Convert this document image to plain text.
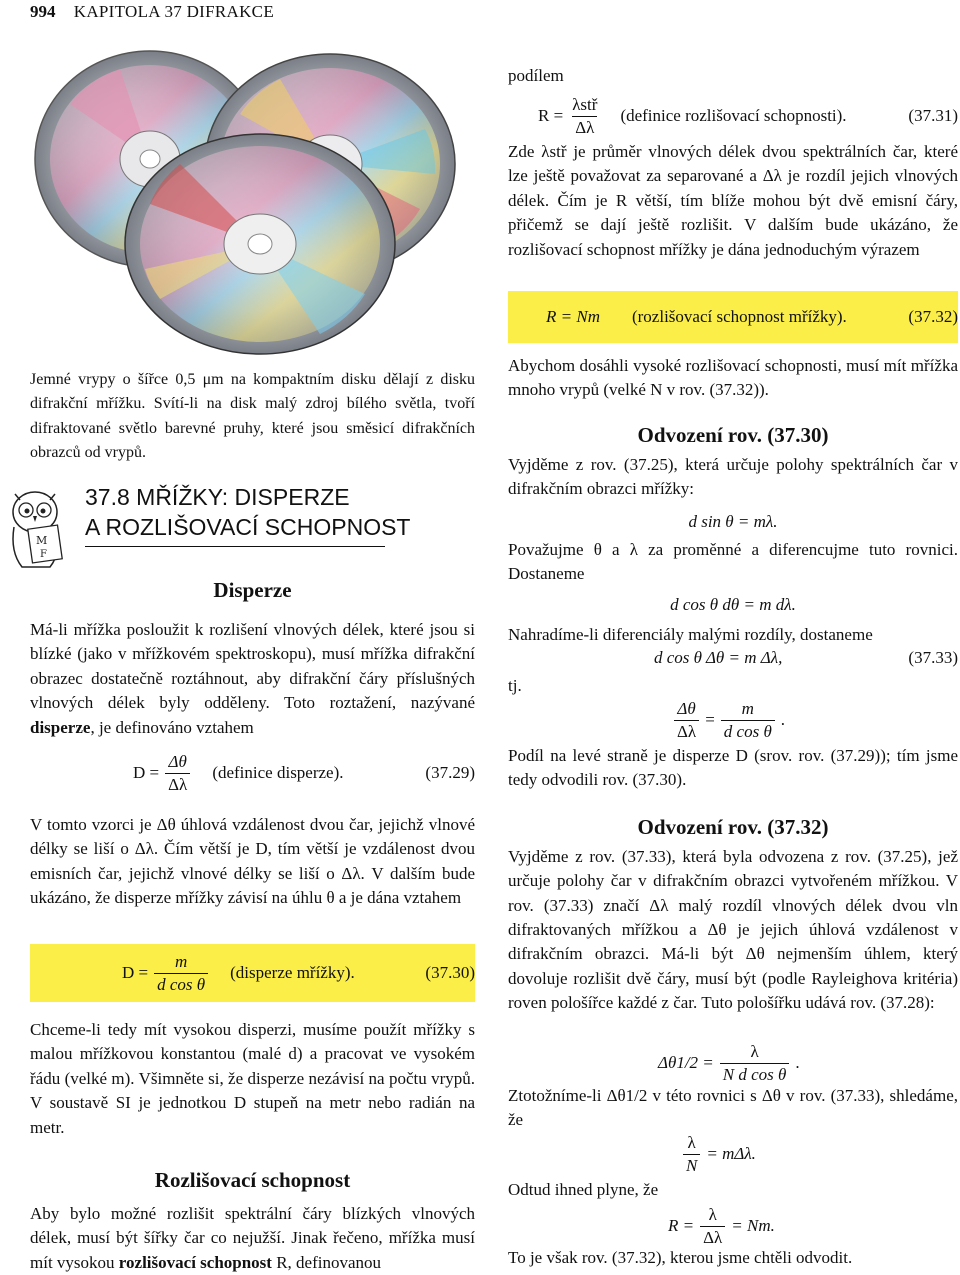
994 KAPITOLA 37 DIFRAKCE
Jemné vrypy o šířce 0,5 μm na kompaktním disku dělají z disku difrakční mřížku. Svítí-li na disk malý zdroj bílého světla, tvoří difraktované světlo barevné pruhy, které jsou směsicí difrakčních obrazců od vrypů.
M
F
37.8 MŘÍŽKY: DISPERZE
A ROZLIŠOVACÍ SCHOPNOST
Disperze

Má-li mřížka posloužit k rozlišení vlnových délek, které jsou si blízké (jako v mřížkovém spektroskopu), musí mřížka difrakční obrazec dostatečně roztáhnout, aby difrakční čáry příslušných vlnových délek byly odděleny. Toto roztažení, nazývané disperze, je definováno vztahem

$D = \frac{\Delta\theta}{\Delta\lambda}$ (definice disperze).	(37.29)

V tomto vzorci je Δθ úhlová vzdálenost dvou čar, jejichž vlnové délky se liší o Δλ. Čím větší je D, tím větší je vzdálenost dvou emisních čar, jejichž vlnové délky se liší o Δλ. V dalším bude ukázáno, že disperze mřížky závisí na úhlu θ a je dána vztahem

$D = \frac{m}{\text{d cos θ}}$ (disperze mřížky).	(37.30)

Chceme-li tedy mít vysokou disperzi, musíme použít mřížky s malou mřížkovou konstantou (malé d) a pracovat ve vysokém řádu (velké m). Všimněte si, že disperze nezávisí na počtu vrypů. V soustavě SI je jednotkou D stupeň na metr nebo radián na metr.

Rozlišovací schopnost

Aby bylo možné rozlišit spektrální čáry blízkých vlnových délek, musí být šířky čar co nejužší. Jinak řečeno, mřížka musí mít vysokou rozlišovací schopnost R, definovanou

podílem

$R = \frac{\text{λstř}}{\Delta\lambda}$ (definice rozlišovací schopnosti).	(37.31)

Zde λstř je průměr vlnových délek dvou spektrálních čar, které lze ještě považovat za separované a Δλ je rozdíl jejich vlnových délek. Čím je R větší, tím blíže mohou být dvě emisní čáry, přičemž se dají ještě rozlišit. V dalším bude ukázáno, že rozlišovací schopnost mřížky je dána jednoduchým výrazem

R = Nm (rozlišovací schopnost mřížky).	(37.32)

Abychom dosáhli vysoké rozlišovací schopnosti, musí mít mřížka mnoho vrypů (velké N v rov. (37.32)).

Odvození rov. (37.30)

Vyjděme z rov. (37.25), která určuje polohy spektrálních čar v difrakčním obrazci mřížky:

d sin θ = mλ.

Považujme θ a λ za proměnné a diferencujme tuto rovnici. Dostaneme

d cos θ dθ = m dλ.

Nahradíme-li diferenciály malými rozdíly, dostaneme

d cos θ Δθ = m Δλ,	(37.33)
tj.
$\frac{\Delta\theta}{\Delta\lambda} = \frac{m}{\text{d cos θ}}$ .

Podíl na levé straně je disperze D (srov. rov. (37.29)); tím jsme tedy odvodili rov. (37.30).

Odvození rov. (37.32)

Vyjděme z rov. (37.33), která byla odvozena z rov. (37.25), jež určuje polohy čar v difrakčním obrazci vytvořeném mřížkou. V rov. (37.33) značí Δλ malý rozdíl vlnových délek dvou vln difraktovaných mřížkou a Δθ je jejich úhlová vzdálenost v difrakčním obrazci. Má-li být Δθ nejmenším úhlem, který dovoluje rozlišit dvě čáry, musí být (podle Rayleighova kritéria) roven pološířce každé z čar. Tuto pološířku udává rov. (37.28):

$\Delta\theta 1/2 = \frac{\lambda}{\text{N d cos θ}}$ .

Ztotožníme-li Δθ1/2 v této rovnici s Δθ v rov. (37.33), shledáme, že

$\frac{\lambda}{N} = m\Delta\lambda$.

Odtud ihned plyne, že

$R = \frac{\lambda}{\Delta\lambda} = Nm$.

To je však rov. (37.32), kterou jsme chtěli odvodit.
